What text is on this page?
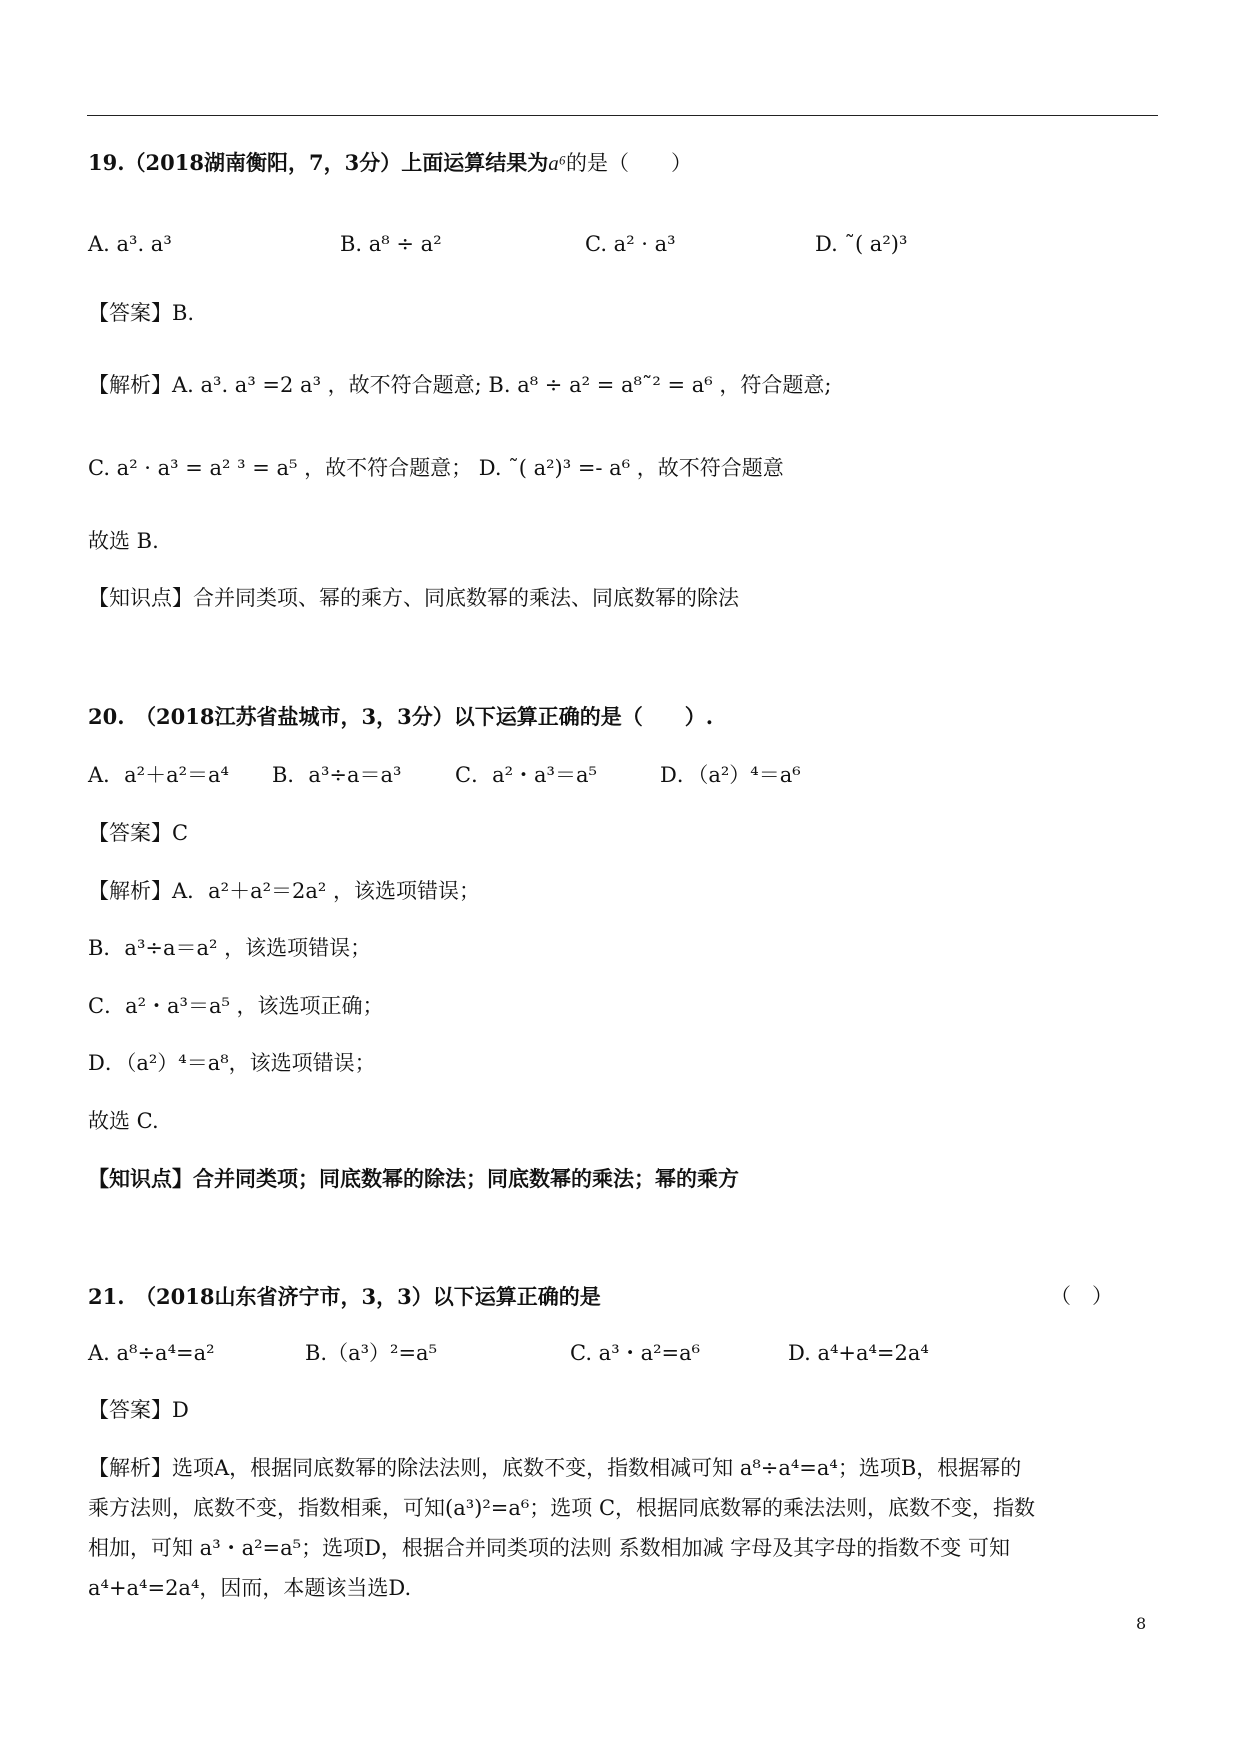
19.（2018湖南衡阳，7，3分）上面运算结果为a⁶的是（　　）
A. a³. a³	B. a⁸ ÷ a²	C. a² · a³	D. ˜( a²)³
【答案】B.
【解析】A. a³. a³ =2 a³ ，故不符合题意; B. a⁸ ÷ a² = a⁸˜² = a⁶ ，符合题意;
C. a² · a³ = a² ³ = a⁵ ，故不符合题意； D. ˜( a²)³ =- a⁶ ，故不符合题意
故选 B.
【知识点】合并同类项、幂的乘方、同底数幂的乘法、同底数幂的除法
20.　（2018江苏省盐城市，3，3分）以下运算正确的是（　　）.
A．a²＋a²＝a⁴ B．a³÷a＝a³	C．a²・a³＝a⁵	D．（a²）⁴＝a⁶
【答案】C
【解析】A．a²＋a²＝2a² ，该选项错误；
B．a³÷a＝a² ，该选项错误；
C．a²・a³＝a⁵ ，该选项正确；
D．（a²）⁴＝a⁸，该选项错误；
故选 C.
【知识点】合并同类项；同底数幂的除法；同底数幂的乘法；幂的乘方
21.　（2018山东省济宁市，3，3）以下运算正确的是	（　）
A. a⁸÷a⁴=a²	B.（a³）²=a⁵	C. a³・a²=a⁶	D. a⁴+a⁴=2a⁴
【答案】D
【解析】选项A，根据同底数幂的除法法则，底数不变，指数相减可知 a⁸÷a⁴=a⁴；选项B，根据幂的
乘方法则，底数不变，指数相乘，可知(a³)²=a⁶；选项 C，根据同底数幂的乘法法则，底数不变，指数
相加，可知 a³・a²=a⁵；选项D，根据合并同类项的法则 系数相加减 字母及其字母的指数不变 可知
a⁴+a⁴=2a⁴，因而，本题该当选D.
8
